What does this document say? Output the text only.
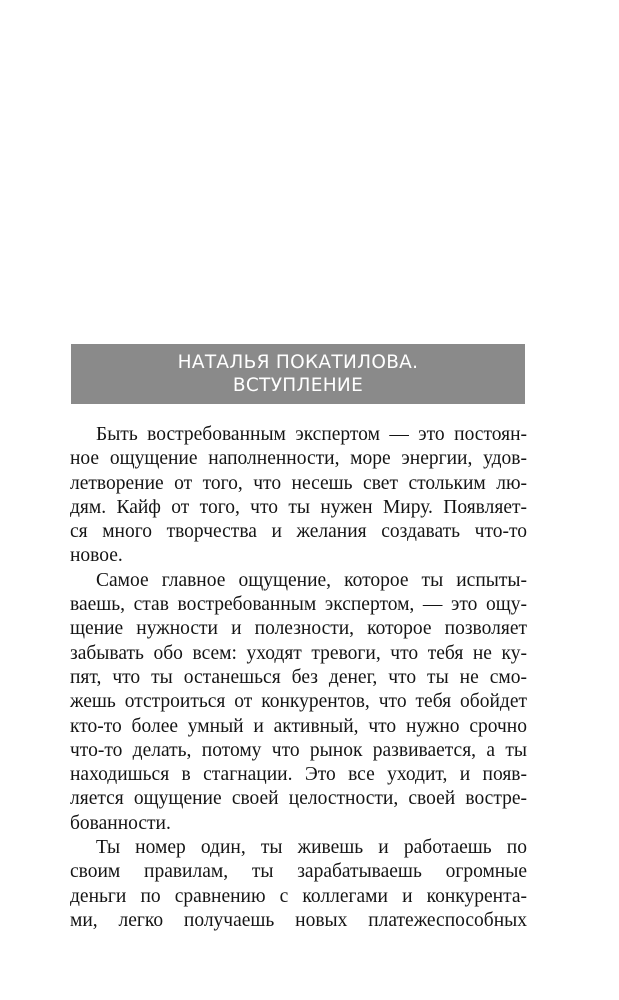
НАТАЛЬЯ ПОКАТИЛОВА.
ВСТУПЛЕНИЕ
Быть востребованным экспертом — это постоян-
ное ощущение наполненности, море энергии, удов-
летворение от того, что несешь свет стольким лю-
дям. Кайф от того, что ты нужен Миру. Появляет-
ся много творчества и желания создавать что-то
новое.
Самое главное ощущение, которое ты испыты-
ваешь, став востребованным экспертом, — это ощу-
щение нужности и полезности, которое позволяет
забывать обо всем: уходят тревоги, что тебя не ку-
пят, что ты останешься без денег, что ты не смо-
жешь отстроиться от конкурентов, что тебя обойдет
кто-то более умный и активный, что нужно срочно
что-то делать, потому что рынок развивается, а ты
находишься в стагнации. Это все уходит, и появ-
ляется ощущение своей целостности, своей востре-
бованности.
Ты номер один, ты живешь и работаешь по
своим правилам, ты зарабатываешь огромные
деньги по сравнению с коллегами и конкурента-
ми, легко получаешь новых платежеспособных
